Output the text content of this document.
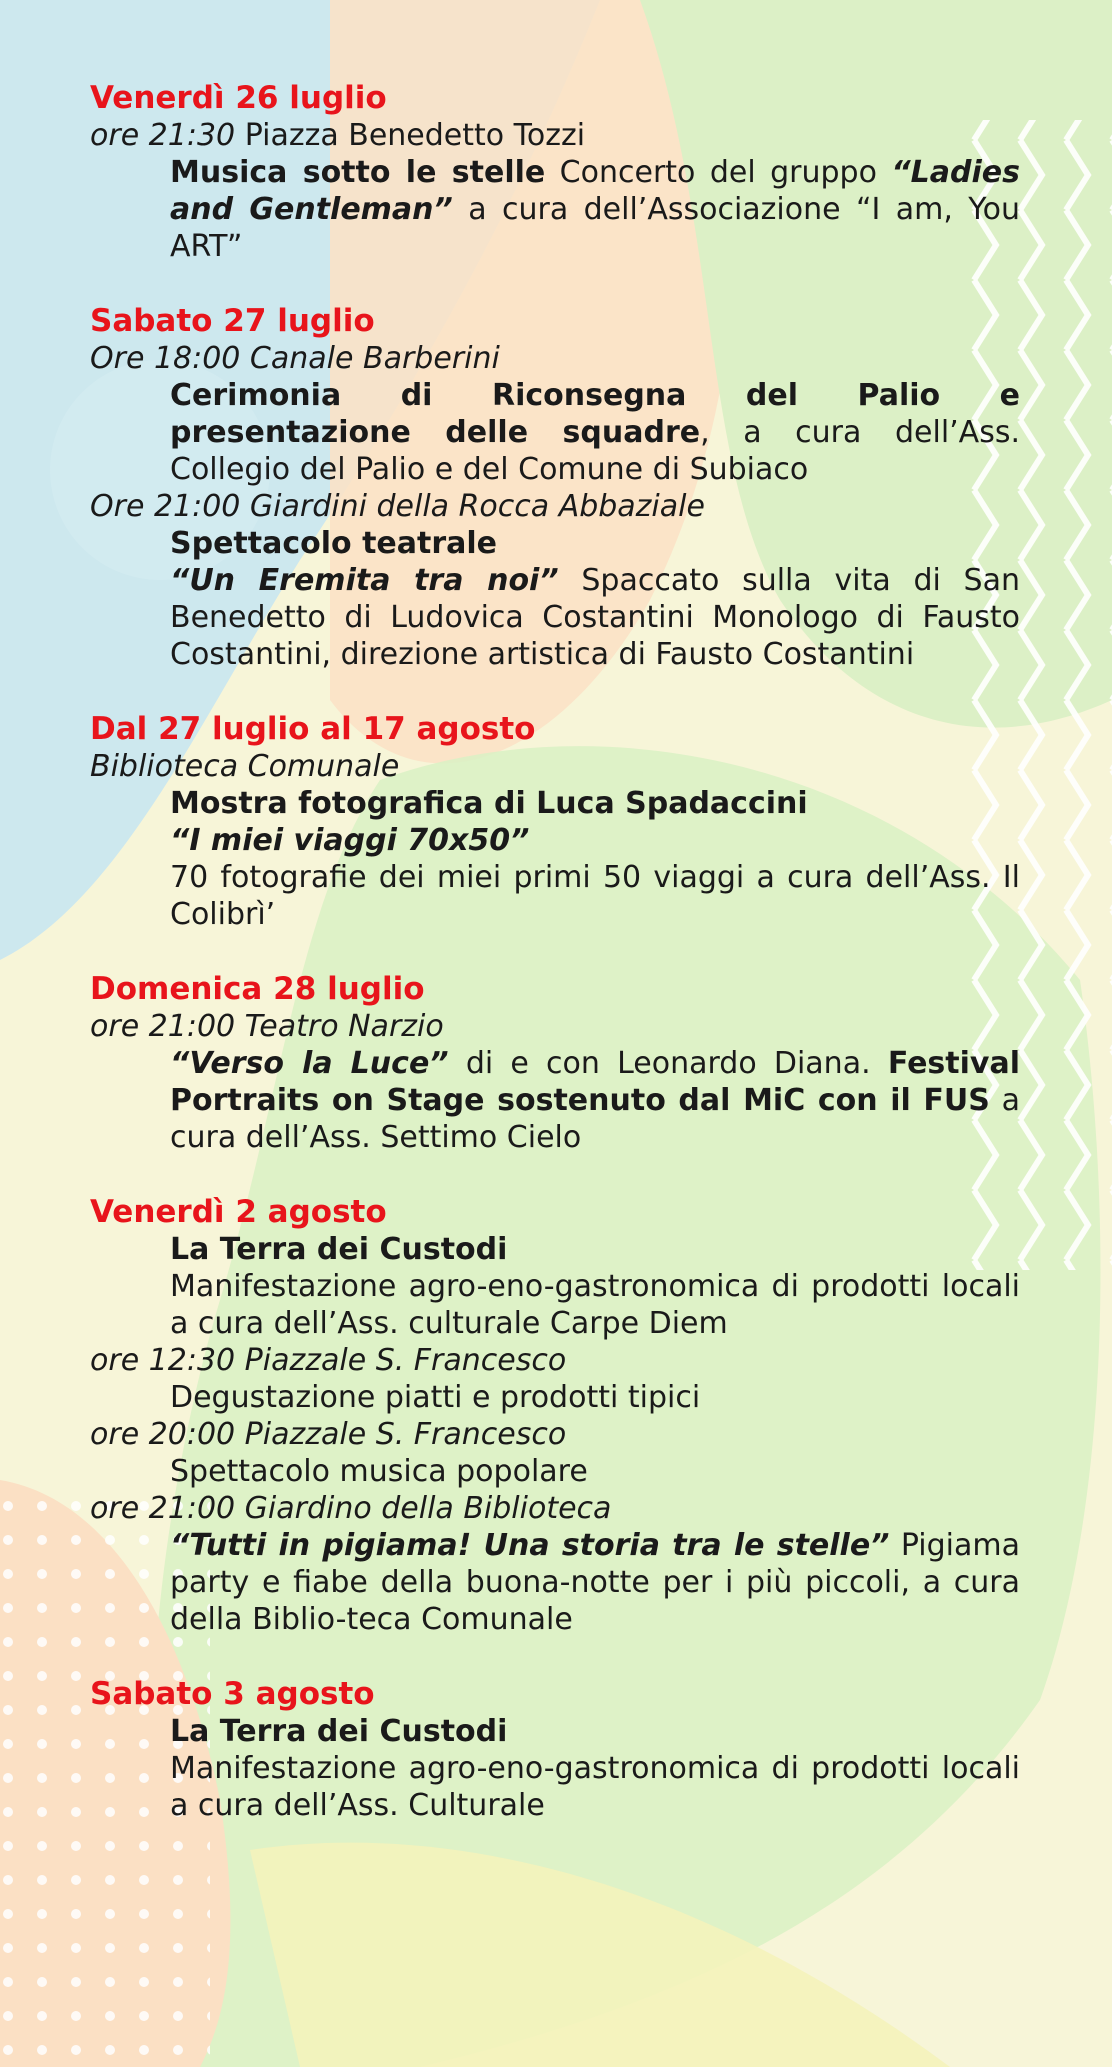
Venerdì 26 luglio
ore 21:30 Piazza Benedetto Tozzi
Musica sotto le stelle Concerto del gruppo “Ladies and Gentleman” a cura dell’Associazione “I am, You ART”
Sabato 27 luglio
Ore 18:00 Canale Barberini
Cerimonia di Riconsegna del Palio e presentazione delle squadre, a cura dell’Ass. Collegio del Palio e del Comune di Subiaco
Ore 21:00 Giardini della Rocca Abbaziale
Spettacolo teatrale
“Un Eremita tra noi” Spaccato sulla vita di San Benedetto di Ludovica Costantini Monologo di Fausto Costantini, direzione artistica di Fausto Costantini
Dal 27 luglio al 17 agosto
Biblioteca Comunale
Mostra fotografica di Luca Spadaccini
“I miei viaggi 70x50”
70 fotografie dei miei primi 50 viaggi a cura dell’Ass. Il Colibrì’
Domenica 28 luglio
ore 21:00 Teatro Narzio
“Verso la Luce” di e con Leonardo Diana. Festival Portraits on Stage sostenuto dal MiC con il FUS a cura dell’Ass. Settimo Cielo
Venerdì 2 agosto
La Terra dei Custodi
Manifestazione agro-eno-gastronomica di prodotti locali a cura dell’Ass. culturale Carpe Diem
ore 12:30 Piazzale S. Francesco
Degustazione piatti e prodotti tipici
ore 20:00 Piazzale S. Francesco
Spettacolo musica popolare
ore 21:00 Giardino della Biblioteca
“Tutti in pigiama! Una storia tra le stelle” Pigiama party e fiabe della buona-notte per i più piccoli, a cura della Biblio-teca Comunale
Sabato 3 agosto
La Terra dei Custodi
Manifestazione agro-eno-gastronomica di prodotti locali a cura dell’Ass. Culturale
